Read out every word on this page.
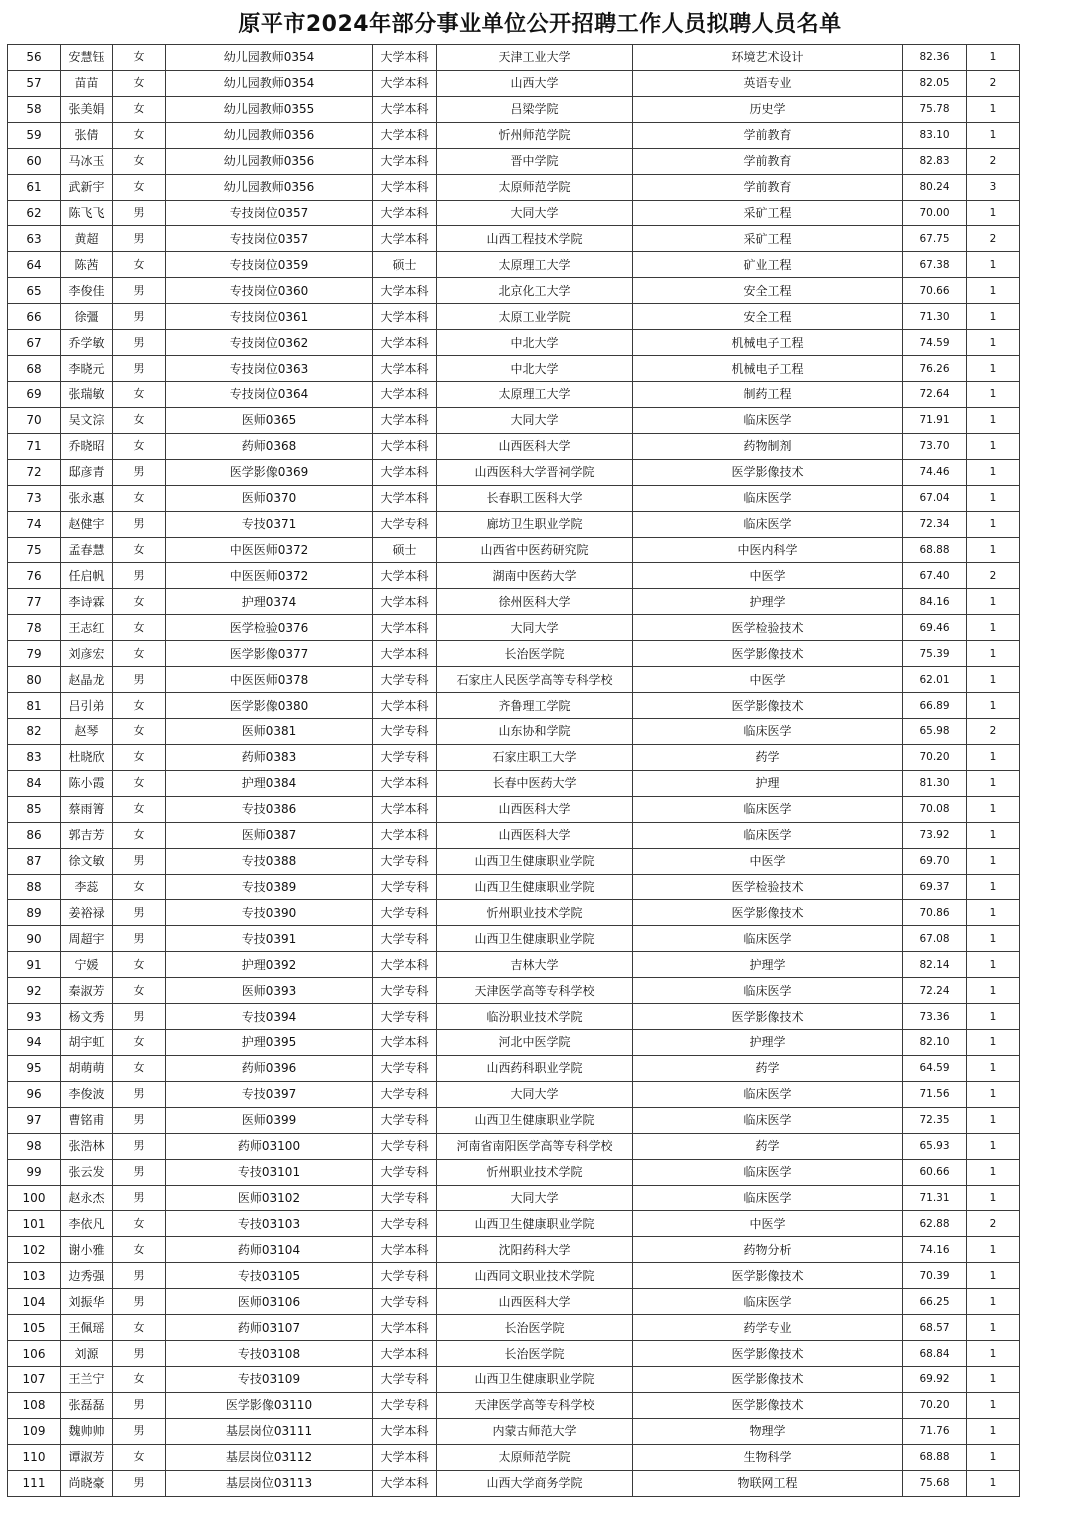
原平市2024年部分事业单位公开招聘工作人员拟聘人员名单
56	安慧钰	女	幼儿园教师0354	大学本科	天津工业大学	环境艺术设计	82.36	1	
57	苗苗	女	幼儿园教师0354	大学本科	山西大学	英语专业	82.05	2	
58	张美娟	女	幼儿园教师0355	大学本科	吕梁学院	历史学	75.78	1	
59	张倩	女	幼儿园教师0356	大学本科	忻州师范学院	学前教育	83.10	1	
60	马冰玉	女	幼儿园教师0356	大学本科	晋中学院	学前教育	82.83	2	
61	武新宇	女	幼儿园教师0356	大学本科	太原师范学院	学前教育	80.24	3	
62	陈飞飞	男	专技岗位0357	大学本科	大同大学	采矿工程	70.00	1	
63	黄超	男	专技岗位0357	大学本科	山西工程技术学院	采矿工程	67.75	2	
64	陈茜	女	专技岗位0359	硕士	太原理工大学	矿业工程	67.38	1	
65	李俊佳	男	专技岗位0360	大学本科	北京化工大学	安全工程	70.66	1	
66	徐彊	男	专技岗位0361	大学本科	太原工业学院	安全工程	71.30	1	
67	乔学敏	男	专技岗位0362	大学本科	中北大学	机械电子工程	74.59	1	
68	李晓元	男	专技岗位0363	大学本科	中北大学	机械电子工程	76.26	1	
69	张瑞敏	女	专技岗位0364	大学本科	太原理工大学	制药工程	72.64	1	
70	吴文淙	女	医师0365	大学本科	大同大学	临床医学	71.91	1	
71	乔晓昭	女	药师0368	大学本科	山西医科大学	药物制剂	73.70	1	
72	邸彦青	男	医学影像0369	大学本科	山西医科大学晋祠学院	医学影像技术	74.46	1	
73	张永惠	女	医师0370	大学本科	长春职工医科大学	临床医学	67.04	1	
74	赵健宇	男	专技0371	大学专科	廊坊卫生职业学院	临床医学	72.34	1	
75	孟春慧	女	中医医师0372	硕士	山西省中医药研究院	中医内科学	68.88	1	
76	任启帆	男	中医医师0372	大学本科	湖南中医药大学	中医学	67.40	2	
77	李诗霖	女	护理0374	大学本科	徐州医科大学	护理学	84.16	1	
78	王志红	女	医学检验0376	大学本科	大同大学	医学检验技术	69.46	1	
79	刘彦宏	女	医学影像0377	大学本科	长治医学院	医学影像技术	75.39	1	
80	赵晶龙	男	中医医师0378	大学专科	石家庄人民医学高等专科学校	中医学	62.01	1	
81	吕引弟	女	医学影像0380	大学本科	齐鲁理工学院	医学影像技术	66.89	1	
82	赵琴	女	医师0381	大学专科	山东协和学院	临床医学	65.98	2	
83	杜晓欣	女	药师0383	大学专科	石家庄职工大学	药学	70.20	1	
84	陈小霞	女	护理0384	大学本科	长春中医药大学	护理	81.30	1	
85	蔡雨箐	女	专技0386	大学本科	山西医科大学	临床医学	70.08	1	
86	郭吉芳	女	医师0387	大学本科	山西医科大学	临床医学	73.92	1	
87	徐文敏	男	专技0388	大学专科	山西卫生健康职业学院	中医学	69.70	1	
88	李蕊	女	专技0389	大学专科	山西卫生健康职业学院	医学检验技术	69.37	1	
89	姜裕禄	男	专技0390	大学专科	忻州职业技术学院	医学影像技术	70.86	1	
90	周超宇	男	专技0391	大学专科	山西卫生健康职业学院	临床医学	67.08	1	
91	宁媛	女	护理0392	大学本科	吉林大学	护理学	82.14	1	
92	秦淑芳	女	医师0393	大学专科	天津医学高等专科学校	临床医学	72.24	1	
93	杨文秀	男	专技0394	大学专科	临汾职业技术学院	医学影像技术	73.36	1	
94	胡宇虹	女	护理0395	大学本科	河北中医学院	护理学	82.10	1	
95	胡萌萌	女	药师0396	大学专科	山西药科职业学院	药学	64.59	1	
96	李俊波	男	专技0397	大学专科	大同大学	临床医学	71.56	1	
97	曹铭甫	男	医师0399	大学专科	山西卫生健康职业学院	临床医学	72.35	1	
98	张浩林	男	药师03100	大学专科	河南省南阳医学高等专科学校	药学	65.93	1	
99	张云发	男	专技03101	大学专科	忻州职业技术学院	临床医学	60.66	1	
100	赵永杰	男	医师03102	大学专科	大同大学	临床医学	71.31	1	
101	李依凡	女	专技03103	大学专科	山西卫生健康职业学院	中医学	62.88	2	
102	谢小雅	女	药师03104	大学本科	沈阳药科大学	药物分析	74.16	1	
103	边秀强	男	专技03105	大学专科	山西同文职业技术学院	医学影像技术	70.39	1	
104	刘振华	男	医师03106	大学专科	山西医科大学	临床医学	66.25	1	
105	王佩瑶	女	药师03107	大学本科	长治医学院	药学专业	68.57	1	
106	刘源	男	专技03108	大学本科	长治医学院	医学影像技术	68.84	1	
107	王兰宁	女	专技03109	大学专科	山西卫生健康职业学院	医学影像技术	69.92	1	
108	张磊磊	男	医学影像03110	大学专科	天津医学高等专科学校	医学影像技术	70.20	1	
109	魏帅帅	男	基层岗位03111	大学本科	内蒙古师范大学	物理学	71.76	1	
110	谭淑芳	女	基层岗位03112	大学本科	太原师范学院	生物科学	68.88	1	
111	尚晓豪	男	基层岗位03113	大学本科	山西大学商务学院	物联网工程	75.68	1	
